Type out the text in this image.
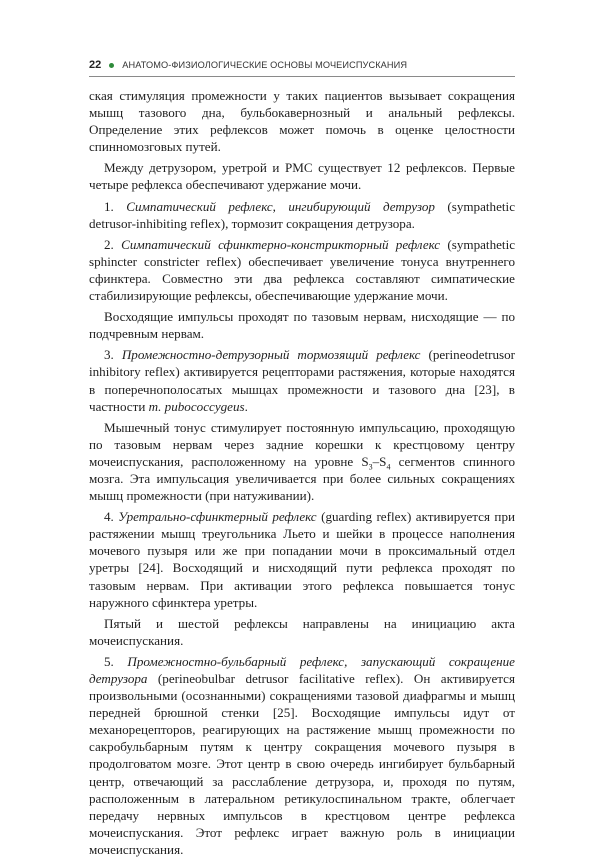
22 АНАТОМО-ФИЗИОЛОГИЧЕСКИЕ ОСНОВЫ МОЧЕИСПУСКАНИЯ

ская стимуляция промежности у таких пациентов вызывает сокращения мышц тазового дна, бульбокавернозный и анальный рефлексы. Определение этих рефлексов может помочь в оценке целостности спинномозговых путей.

Между детрузором, уретрой и РМС существует 12 рефлексов. Первые четыре рефлекса обеспечивают удержание мочи.

1. Симпатический рефлекс, ингибирующий детрузор (sympathetic detrusor-inhibiting reflex), тормозит сокращения детрузора.

2. Симпатический сфинктерно-констрикторный рефлекс (sympathetic sphincter constricter reflex) обеспечивает увеличение тонуса внутреннего сфинктера. Совместно эти два рефлекса составляют симпатические стабилизирующие рефлексы, обеспечивающие удержание мочи.

Восходящие импульсы проходят по тазовым нервам, нисходящие — по подчревным нервам.

3. Промежностно-детрузорный тормозящий рефлекс (perineodetrusor inhibitory reflex) активируется рецепторами растяжения, которые находятся в поперечнополосатых мышцах промежности и тазового дна [23], в частности m. pubococcygeus.

Мышечный тонус стимулирует постоянную импульсацию, проходящую по тазовым нервам через задние корешки к крестцовому центру мочеиспускания, расположенному на уровне $S_3-S_4$ сегментов спинного мозга. Эта импульсация увеличивается при более сильных сокращениях мышц промежности (при натуживании).

4. Уретрально-сфинктерный рефлекс (guarding reflex) активируется при растяжении мышц треугольника Льето и шейки в процессе наполнения мочевого пузыря или же при попадании мочи в проксимальный отдел уретры [24]. Восходящий и нисходящий пути рефлекса проходят по тазовым нервам. При активации этого рефлекса повышается тонус наружного сфинктера уретры.

Пятый и шестой рефлексы направлены на инициацию акта мочеиспускания.

5. Промежностно-бульбарный рефлекс, запускающий сокращение детрузора (perineobulbar detrusor facilitative reflex). Он активируется произвольными (осознанными) сокращениями тазовой диафрагмы и мышц передней брюшной стенки [25]. Восходящие импульсы идут от механорецепторов, реагирующих на растяжение мышц промежности по сакробульбарным путям к центру сокращения мочевого пузыря в продолговатом мозге. Этот центр в свою очередь ингибирует бульбарный центр, отвечающий за расслабление детрузора, и, проходя по путям, расположенным в латеральном ретикулоспинальном тракте, облегчает передачу нервных импульсов в крестцовом центре рефлекса мочеиспускания. Этот рефлекс играет важную роль в инициации мочеиспускания.
